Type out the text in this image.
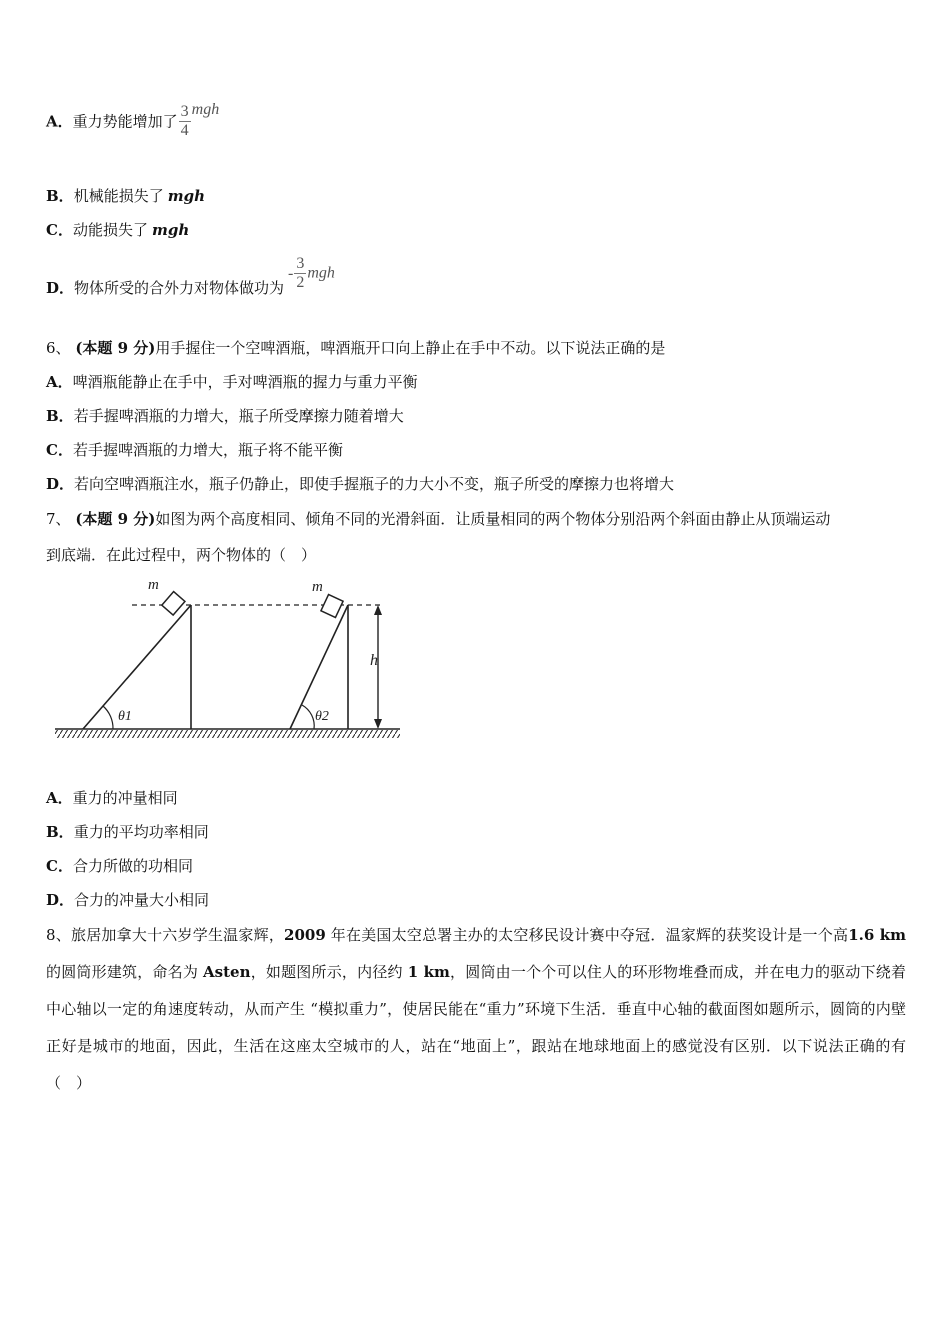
A．重力势能增加了 $\frac{3}{4}$ mgh
B．机械能损失了 mgh
C．动能损失了 mgh
D．物体所受的合外力对物体做功为- $\frac{3}{2}$ mgh
6、 (本题 9 分)用手握住一个空啤酒瓶，啤酒瓶开口向上静止在手中不动。以下说法正确的是
A．啤酒瓶能静止在手中，手对啤酒瓶的握力与重力平衡
B．若手握啤酒瓶的力增大，瓶子所受摩擦力随着增大
C．若手握啤酒瓶的力增大，瓶子将不能平衡
D．若向空啤酒瓶注水，瓶子仍静止，即使手握瓶子的力大小不变，瓶子所受的摩擦力也将增大
7、 (本题 9 分)如图为两个高度相同、倾角不同的光滑斜面．让质量相同的两个物体分别沿两个斜面由静止从顶端运动
到底端．在此过程中，两个物体的（　）
m
θ1
m
θ2
h
A．重力的冲量相同
B．重力的平均功率相同
C．合力所做的功相同
D．合力的冲量大小相同
8、旅居加拿大十六岁学生温家辉，2009 年在美国太空总署主办的太空移民设计赛中夺冠．温家辉的获奖设计是一个高1.6 km 的圆筒形建筑，命名为 Asten，如题图所示，内径约 1 km，圆筒由一个个可以住人的环形物堆叠而成，并在电力的驱动下绕着中心轴以一定的角速度转动，从而产生 “模拟重力”，使居民能在“重力”环境下生活．垂直中心轴的截面图如题所示，圆筒的内壁正好是城市的地面，因此，生活在这座太空城市的人，站在“地面上”，跟站在地球地面上的感觉没有区别．以下说法正确的有（　）
